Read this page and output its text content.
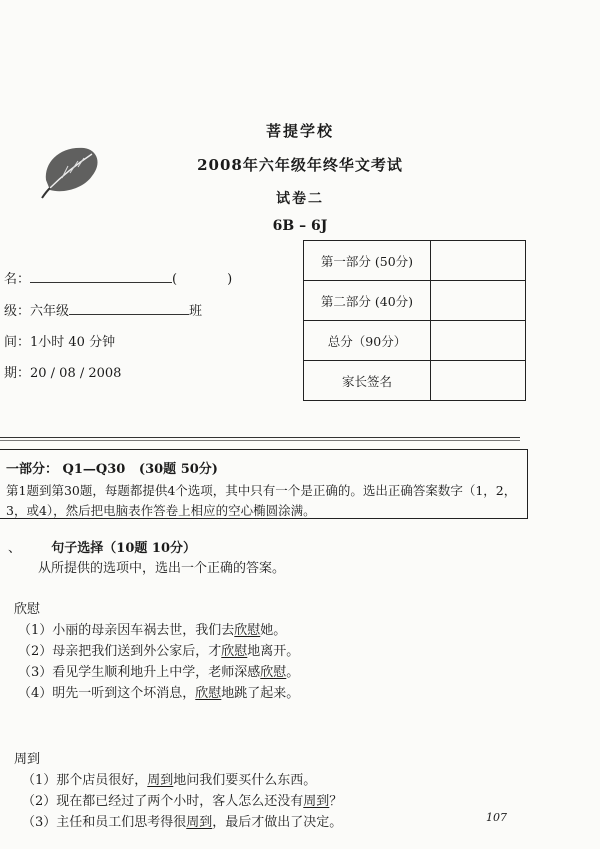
菩提学校
2008年六年级年终华文考试
试卷二
6B – 6J
名：	(	)
级：六年级	班
间：1小时 40 分钟
期：20 / 08 / 2008
第一部分 (50分)	
第二部分 (40分)	
总分（90分）	
家长签名	
一部分： Q1—Q30 (30题 50分)
第1题到第30题，每题都提供4个选项，其中只有一个是正确的。选出正确答案数字（1，2，3，或4），然后把电脑表作答卷上相应的空心椭圆涂满。
、 句子选择（10题 10分）
从所提供的选项中，选出一个正确的答案。
欣慰
（1）小丽的母亲因车祸去世，我们去欣慰她。
（2）母亲把我们送到外公家后，才欣慰地离开。
（3）看见学生顺利地升上中学，老师深感欣慰。
（4）明先一听到这个坏消息，欣慰地跳了起来。
周到
（1）那个店员很好，周到地问我们要买什么东西。
（2）现在都已经过了两个小时，客人怎么还没有周到？
（3）主任和员工们思考得很周到，最后才做出了决定。	107
